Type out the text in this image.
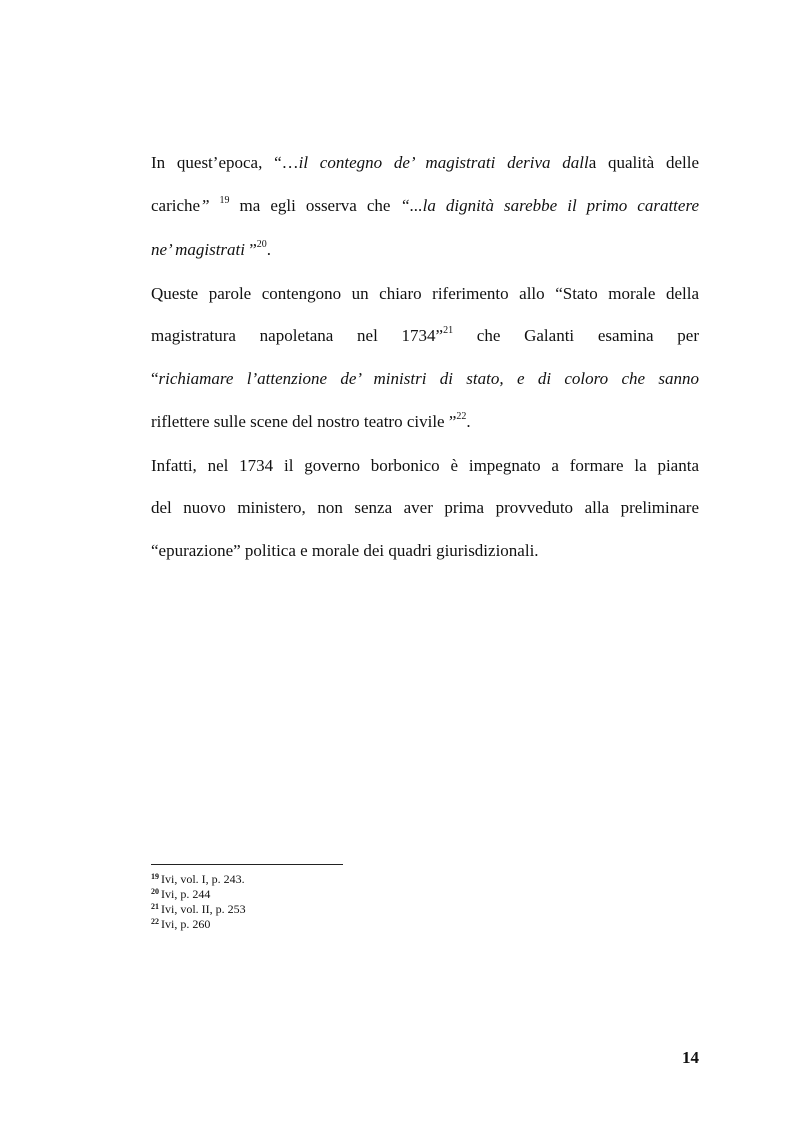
In quest’epoca, “…il contegno de’ magistrati deriva dalla qualità delle
cariche” $^{19}$ ma egli osserva che “...la dignità sarebbe il primo carattere
ne’ magistrati ”$^{20}$.
Queste parole contengono un chiaro riferimento allo “Stato morale della
magistratura napoletana nel 1734”$^{21}$ che Galanti esamina per
“richiamare l’attenzione de’ ministri di stato, e di coloro che sanno
riflettere sulle scene del nostro teatro civile ”$^{22}$.
Infatti, nel 1734 il governo borbonico è impegnato a formare la pianta
del nuovo ministero, non senza aver prima provveduto alla preliminare
“epurazione” politica e morale dei quadri giurisdizionali.
$^{19}$ Ivi, vol. I, p. 243.
$^{20}$ Ivi, p. 244
$^{21}$ Ivi, vol. II, p. 253
$^{22}$ Ivi, p. 260
14
